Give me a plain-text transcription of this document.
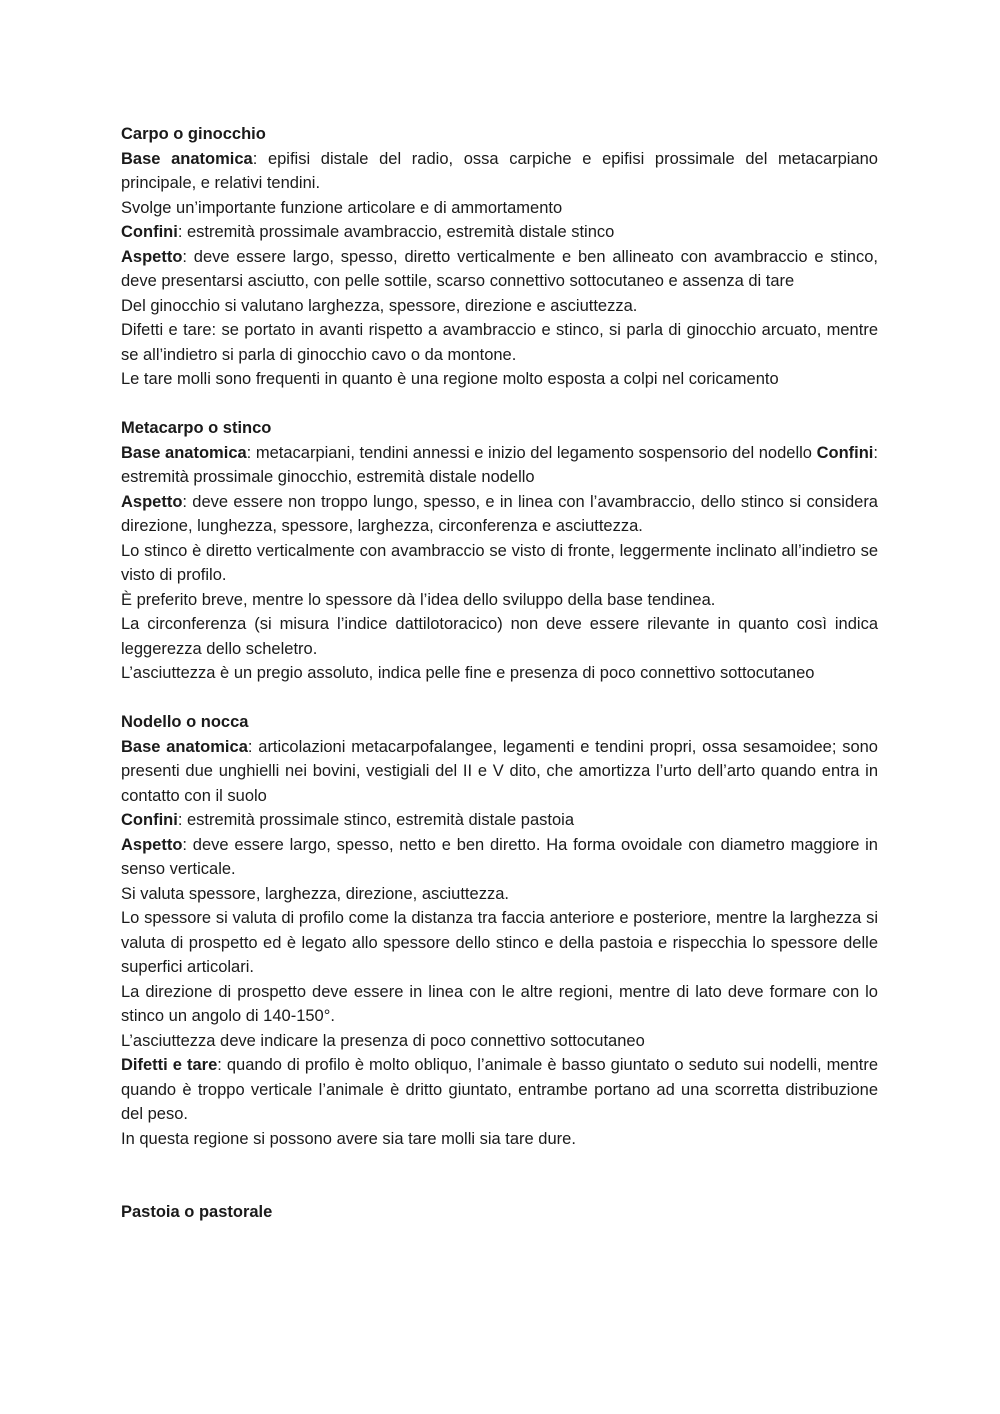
Carpo o ginocchio

Base anatomica: epifisi distale del radio, ossa carpiche e epifisi prossimale del metacarpiano principale, e relativi tendini.

Svolge un’importante funzione articolare e di ammortamento

Confini: estremità prossimale avambraccio, estremità distale stinco

Aspetto: deve essere largo, spesso, diretto verticalmente e ben allineato con avambraccio e stinco, deve presentarsi asciutto, con pelle sottile, scarso connettivo sottocutaneo e assenza di tare

Del ginocchio si valutano larghezza, spessore, direzione e asciuttezza.

Difetti e tare: se portato in avanti rispetto a avambraccio e stinco, si parla di ginocchio arcuato, mentre se all’indietro si parla di ginocchio cavo o da montone.

Le tare molli sono frequenti in quanto è una regione molto esposta a colpi nel coricamento

Metacarpo o stinco

Base anatomica: metacarpiani, tendini annessi e inizio del legamento sospensorio del nodello Confini: estremità prossimale ginocchio, estremità distale nodello

Aspetto: deve essere non troppo lungo, spesso, e in linea con l’avambraccio, dello stinco si considera direzione, lunghezza, spessore, larghezza, circonferenza e asciuttezza.

Lo stinco è diretto verticalmente con avambraccio se visto di fronte, leggermente inclinato all’indietro se visto di profilo.

È preferito breve, mentre lo spessore dà l’idea dello sviluppo della base tendinea.

La circonferenza (si misura l’indice dattilotoracico) non deve essere rilevante in quanto così indica leggerezza dello scheletro.

L’asciuttezza è un pregio assoluto, indica pelle fine e presenza di poco connettivo sottocutaneo

Nodello o nocca

Base anatomica: articolazioni metacarpofalangee, legamenti e tendini propri, ossa sesamoidee; sono presenti due unghielli nei bovini, vestigiali del II e V dito, che amortizza l’urto dell’arto quando entra in contatto con il suolo

Confini: estremità prossimale stinco, estremità distale pastoia

Aspetto: deve essere largo, spesso, netto e ben diretto. Ha forma ovoidale con diametro maggiore in senso verticale.

Si valuta spessore, larghezza, direzione, asciuttezza.

Lo spessore si valuta di profilo come la distanza tra faccia anteriore e posteriore, mentre la larghezza si valuta di prospetto ed è legato allo spessore dello stinco e della pastoia e rispecchia lo spessore delle superfici articolari.

La direzione di prospetto deve essere in linea con le altre regioni, mentre di lato deve formare con lo stinco un angolo di 140-150°.

L’asciuttezza deve indicare la presenza di poco connettivo sottocutaneo

Difetti e tare: quando di profilo è molto obliquo, l’animale è basso giuntato o seduto sui nodelli, mentre quando è troppo verticale l’animale è dritto giuntato, entrambe portano ad una scorretta distribuzione del peso.

In questa regione si possono avere sia tare molli sia tare dure.

Pastoia o pastorale
